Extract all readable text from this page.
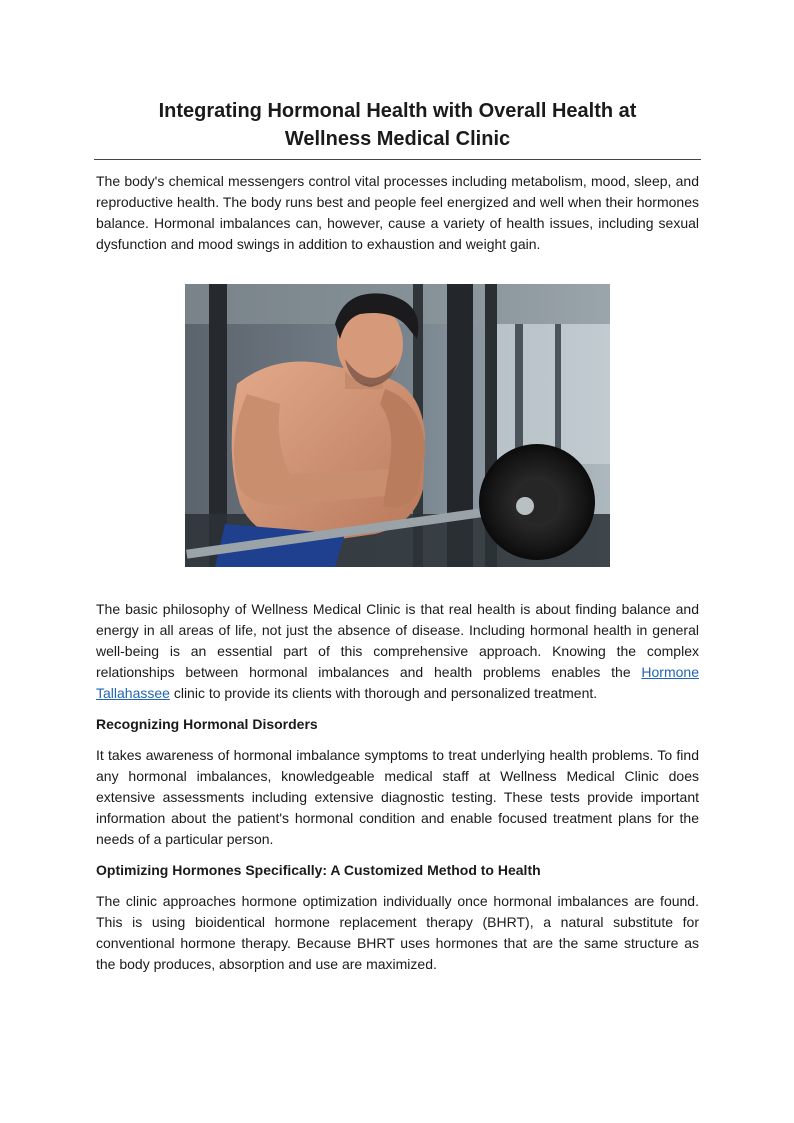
Integrating Hormonal Health with Overall Health at Wellness Medical Clinic

The body's chemical messengers control vital processes including metabolism, mood, sleep, and reproductive health. The body runs best and people feel energized and well when their hormones balance. Hormonal imbalances can, however, cause a variety of health issues, including sexual dysfunction and mood swings in addition to exhaustion and weight gain.

The basic philosophy of Wellness Medical Clinic is that real health is about finding balance and energy in all areas of life, not just the absence of disease. Including hormonal health in general well-being is an essential part of this comprehensive approach. Knowing the complex relationships between hormonal imbalances and health problems enables the Hormone Tallahassee clinic to provide its clients with thorough and personalized treatment.

Recognizing Hormonal Disorders

It takes awareness of hormonal imbalance symptoms to treat underlying health problems. To find any hormonal imbalances, knowledgeable medical staff at Wellness Medical Clinic does extensive assessments including extensive diagnostic testing. These tests provide important information about the patient's hormonal condition and enable focused treatment plans for the needs of a particular person.

Optimizing Hormones Specifically: A Customized Method to Health

The clinic approaches hormone optimization individually once hormonal imbalances are found. This is using bioidentical hormone replacement therapy (BHRT), a natural substitute for conventional hormone therapy. Because BHRT uses hormones that are the same structure as the body produces, absorption and use are maximized.
